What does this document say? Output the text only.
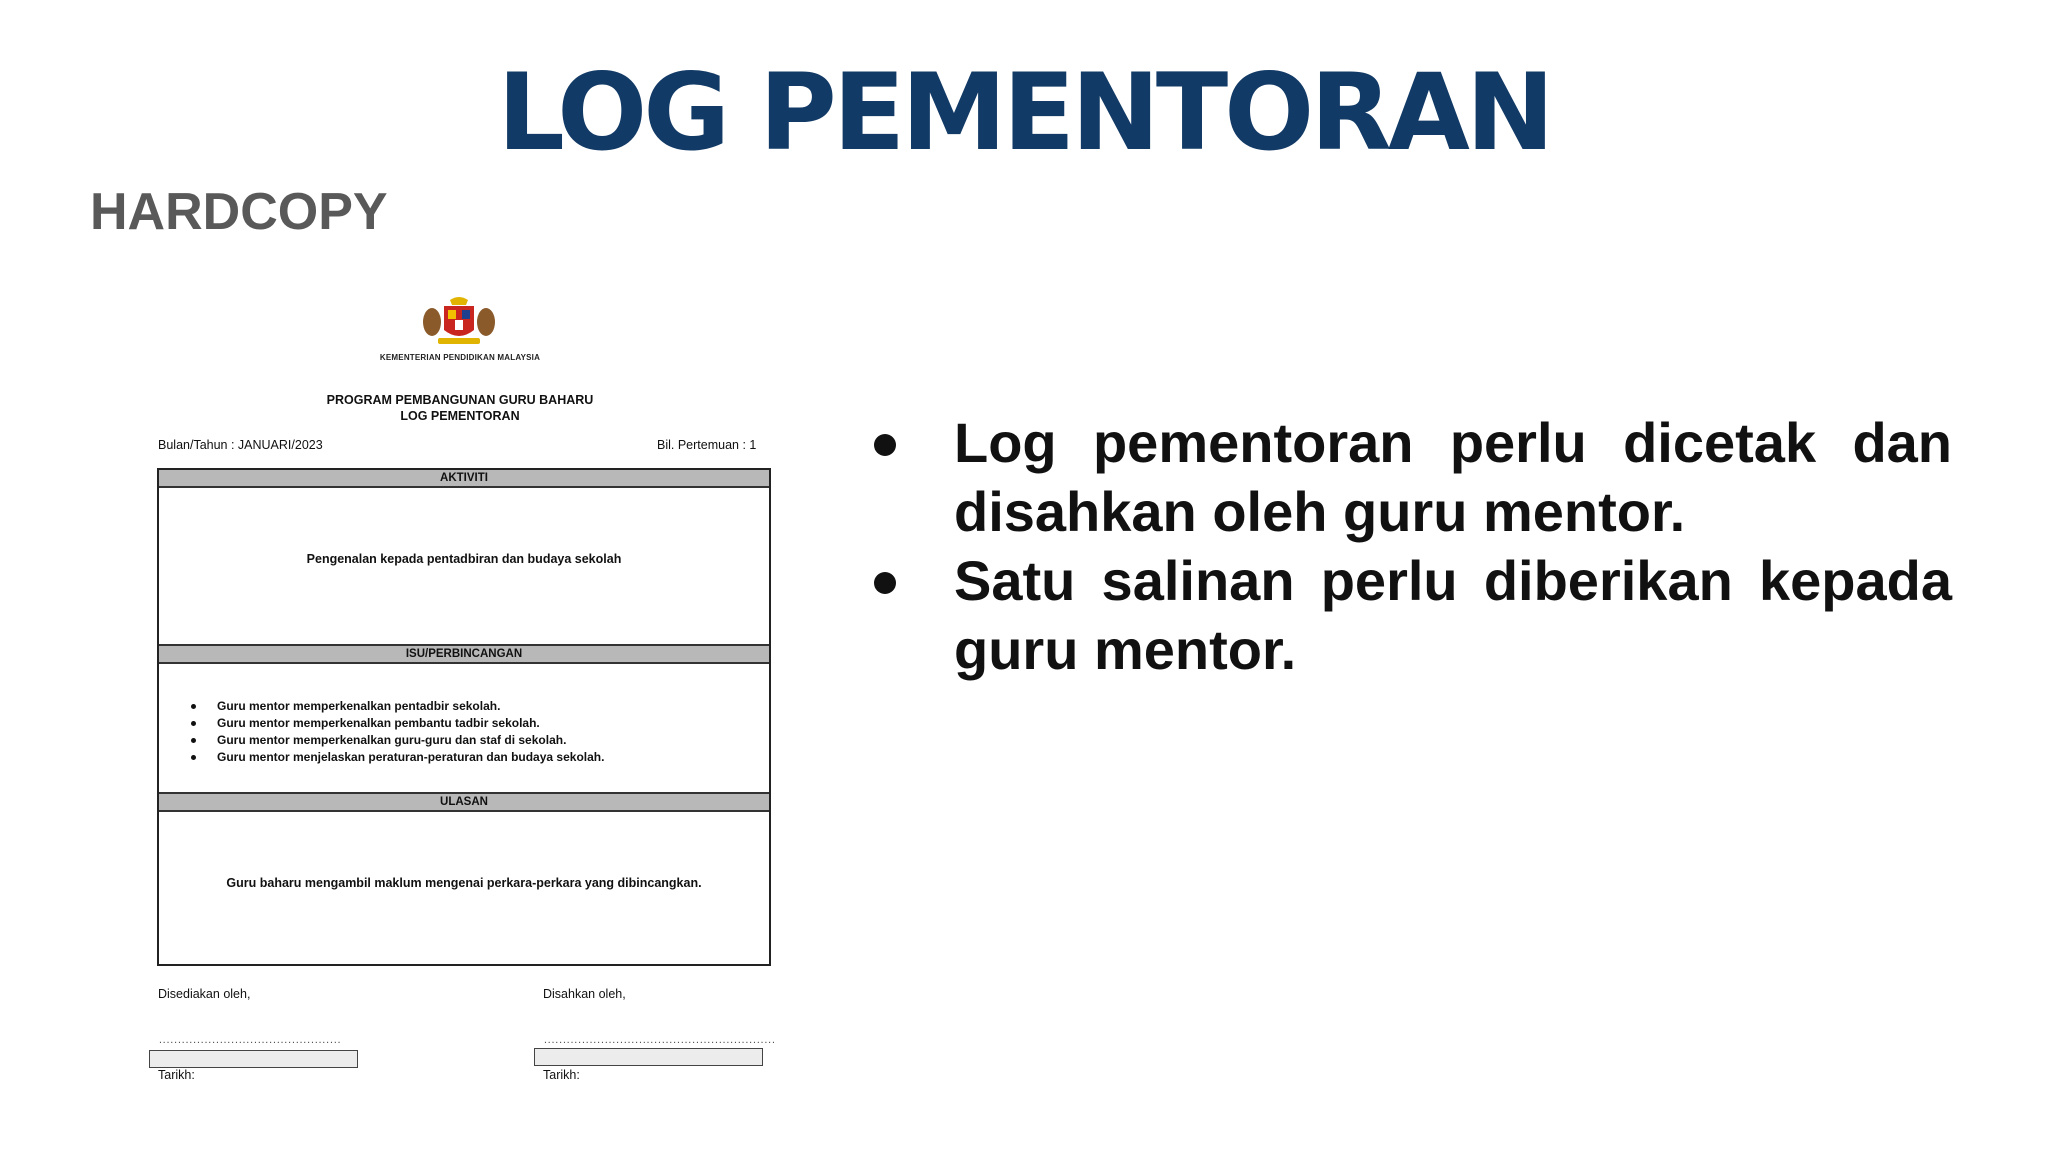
LOG PEMENTORAN
HARDCOPY
KEMENTERIAN PENDIDIKAN MALAYSIA
PROGRAM PEMBANGUNAN GURU BAHARU
LOG PEMENTORAN
Bulan/Tahun : JANUARI/2023	Bil. Pertemuan : 1
AKTIVITI
Pengenalan kepada pentadbiran dan budaya sekolah
ISU/PERBINCANGAN
Guru mentor memperkenalkan pentadbir sekolah.
Guru mentor memperkenalkan pembantu tadbir sekolah.
Guru mentor memperkenalkan guru-guru dan staf di sekolah.
Guru mentor menjelaskan peraturan-peraturan dan budaya sekolah.
ULASAN
Guru baharu mengambil maklum mengenai perkara-perkara yang dibincangkan.
Disediakan oleh,	Disahkan oleh,
................................................	.............................................................
Tarikh:	Tarikh:
Log pementoran perlu dicetak dan disahkan oleh guru mentor.
Satu salinan perlu diberikan kepada guru mentor.
